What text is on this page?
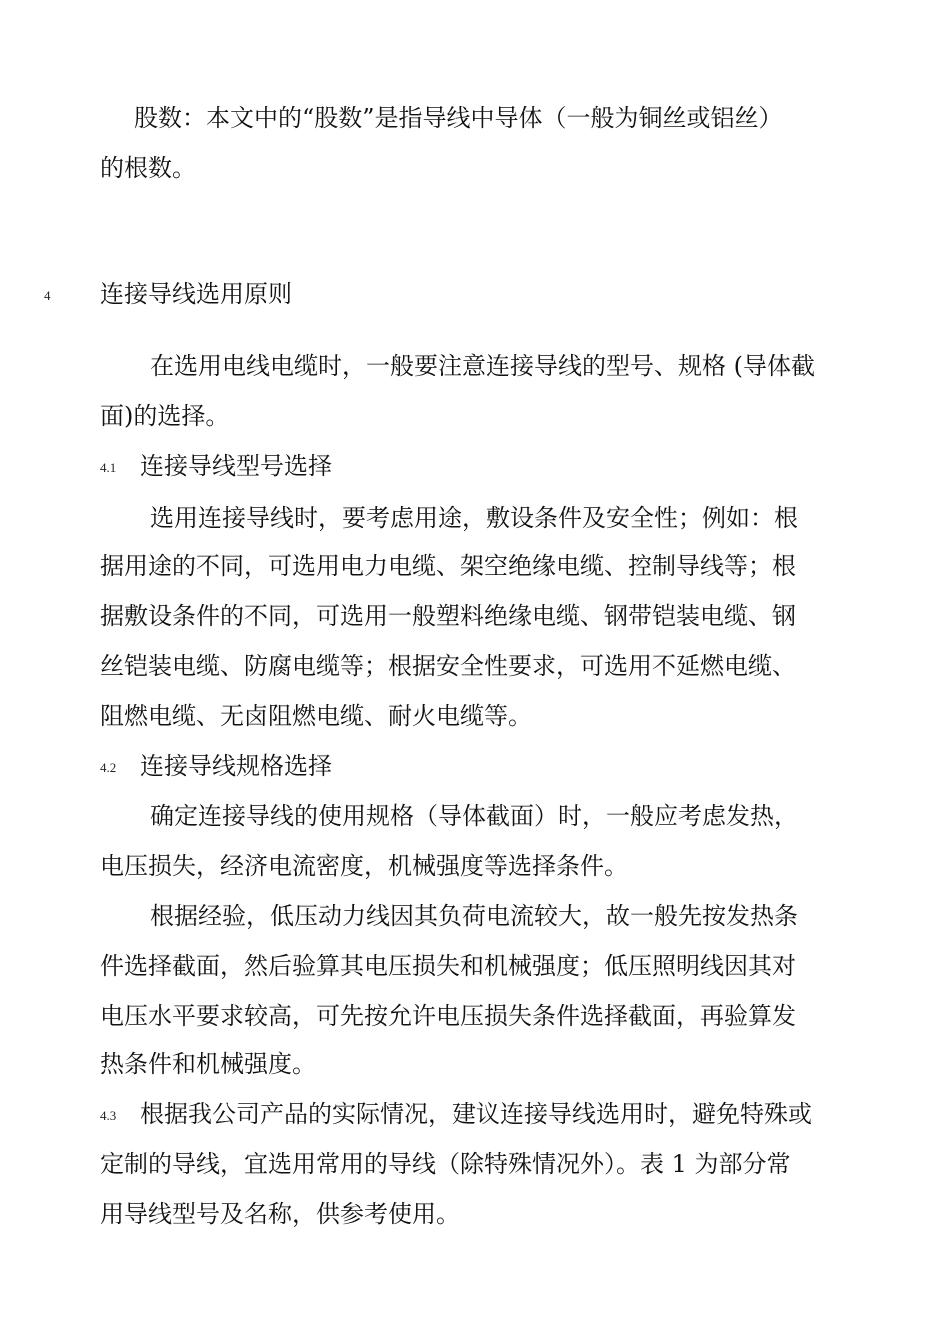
股数：本文中的“股数”是指导线中导体（一般为铜丝或铝丝）
的根数。
4 连接导线选用原则
在选用电线电缆时，一般要注意连接导线的型号、规格 (导体截
面)的选择。
4.1 连接导线型号选择
选用连接导线时，要考虑用途，敷设条件及安全性；例如：根
据用途的不同，可选用电力电缆、架空绝缘电缆、控制导线等；根
据敷设条件的不同，可选用一般塑料绝缘电缆、钢带铠装电缆、钢
丝铠装电缆、防腐电缆等；根据安全性要求，可选用不延燃电缆、
阻燃电缆、无卤阻燃电缆、耐火电缆等。
4.2 连接导线规格选择
确定连接导线的使用规格（导体截面）时，一般应考虑发热，
电压损失，经济电流密度，机械强度等选择条件。
根据经验，低压动力线因其负荷电流较大，故一般先按发热条
件选择截面，然后验算其电压损失和机械强度；低压照明线因其对
电压水平要求较高，可先按允许电压损失条件选择截面，再验算发
热条件和机械强度。
4.3 根据我公司产品的实际情况，建议连接导线选用时，避免特殊或
定制的导线，宜选用常用的导线（除特殊情况外）。表 1 为部分常
用导线型号及名称，供参考使用。
